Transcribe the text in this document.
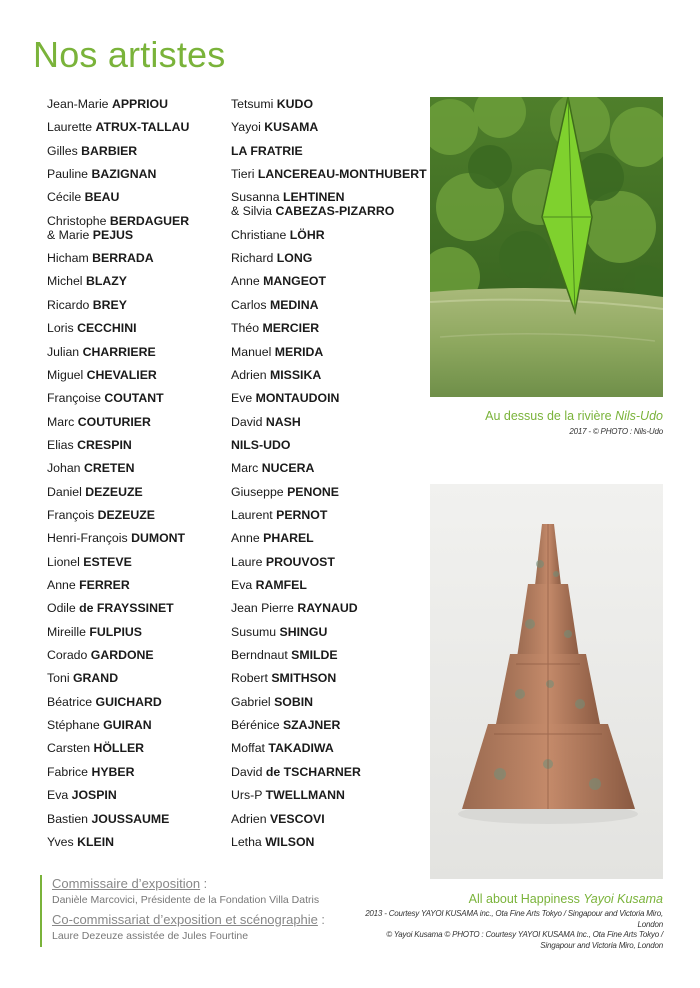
Nos artistes
Jean-Marie APPRIOU
Laurette ATRUX-TALLAU
Gilles BARBIER
Pauline BAZIGNAN
Cécile BEAU
Christophe BERDAGUER
& Marie PEJUS
Hicham BERRADA
Michel BLAZY
Ricardo BREY
Loris CECCHINI
Julian CHARRIERE
Miguel CHEVALIER
Françoise COUTANT
Marc COUTURIER
Elias CRESPIN
Johan CRETEN
Daniel DEZEUZE
François DEZEUZE
Henri-François DUMONT
Lionel ESTEVE
Anne FERRER
Odile de FRAYSSINET
Mireille FULPIUS
Corado GARDONE
Toni GRAND
Béatrice GUICHARD
Stéphane GUIRAN
Carsten HÖLLER
Fabrice HYBER
Eva JOSPIN
Bastien JOUSSAUME
Yves KLEIN
Tetsumi KUDO
Yayoi KUSAMA
LA FRATRIE
Tieri LANCEREAU-MONTHUBERT
Susanna LEHTINEN
& Silvia CABEZAS-PIZARRO
Christiane LÖHR
Richard LONG
Anne MANGEOT
Carlos MEDINA
Théo MERCIER
Manuel MERIDA
Adrien MISSIKA
Eve MONTAUDOIN
David NASH
NILS-UDO
Marc NUCERA
Giuseppe PENONE
Laurent PERNOT
Anne PHAREL
Laure PROUVOST
Eva RAMFEL
Jean Pierre RAYNAUD
Susumu SHINGU
Berndnaut SMILDE
Robert SMITHSON
Gabriel SOBIN
Bérénice SZAJNER
Moffat TAKADIWA
David de TSCHARNER
Urs-P TWELLMANN
Adrien VESCOVI
Letha WILSON
Au dessus de la rivière Nils-Udo
2017 - © PHOTO : Nils-Udo
All about Happiness Yayoi Kusama
2013 - Courtesy YAYOI KUSAMA inc., Ota Fine Arts Tokyo / Singapour and Victoria Miro, London
© Yayoi Kusama © PHOTO : Courtesy YAYOI KUSAMA Inc., Ota Fine Arts Tokyo / Singapour and Victoria Miro, London
Commissaire d’exposition :
Danièle Marcovici, Présidente de la Fondation Villa Datris
Co-commissariat d’exposition et scénographie :
Laure Dezeuze assistée de Jules Fourtine
